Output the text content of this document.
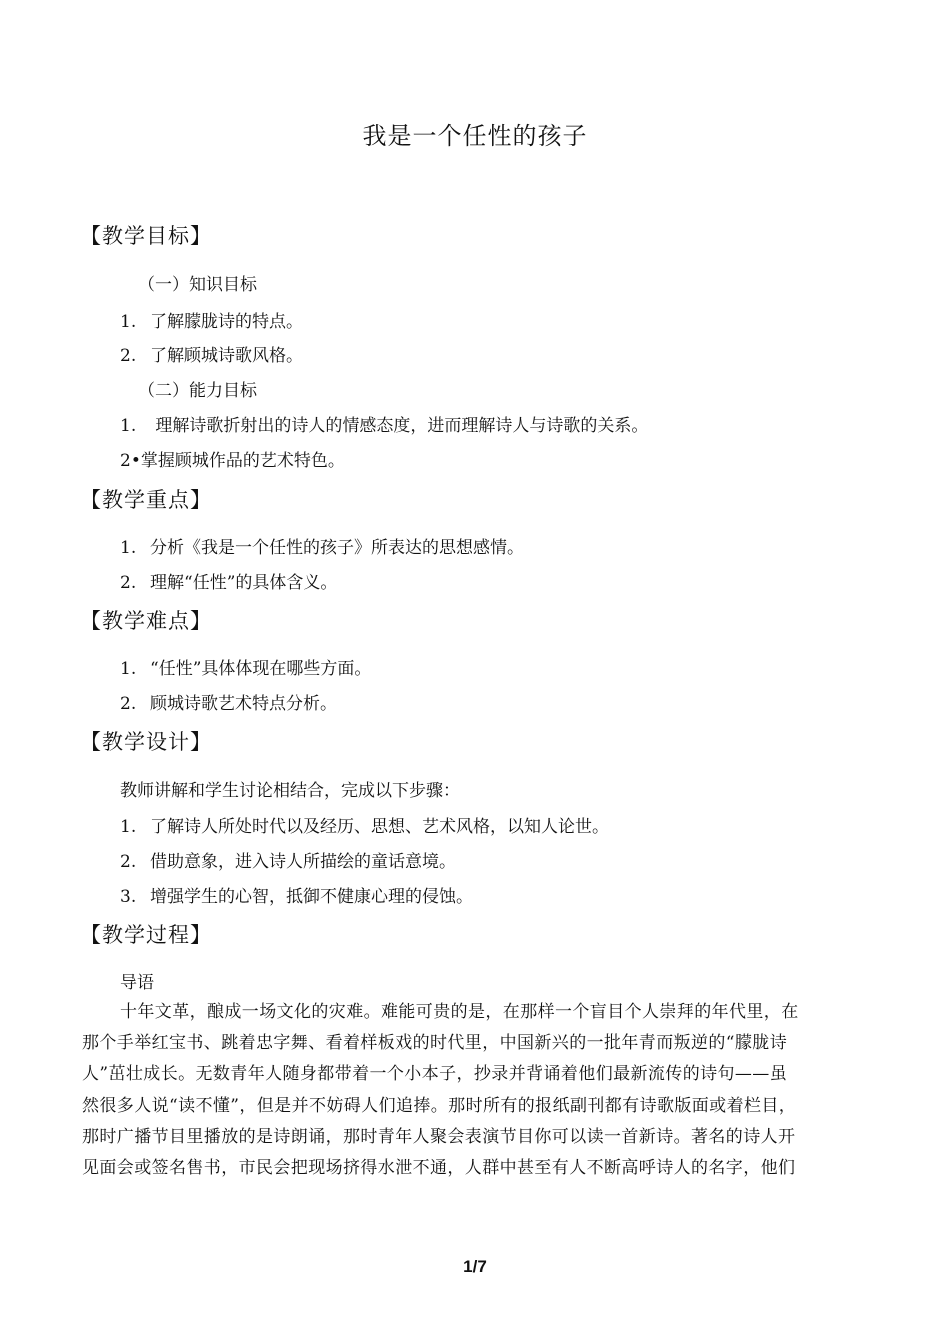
我是一个任性的孩子
【教学目标】
（一）知识目标
1. 了解朦胧诗的特点。
2. 了解顾城诗歌风格。
（二）能力目标
1. 理解诗歌折射出的诗人的情感态度，进而理解诗人与诗歌的关系。
2•掌握顾城作品的艺术特色。
【教学重点】
1. 分析《我是一个任性的孩子》所表达的思想感情。
2. 理解“任性”的具体含义。
【教学难点】
1. “任性”具体体现在哪些方面。
2. 顾城诗歌艺术特点分析。
【教学设计】
教师讲解和学生讨论相结合，完成以下步骤：
1. 了解诗人所处时代以及经历、思想、艺术风格，以知人论世。
2. 借助意象，进入诗人所描绘的童话意境。
3. 增强学生的心智，抵御不健康心理的侵蚀。
【教学过程】
导语
十年文革，酿成一场文化的灾难。难能可贵的是，在那样一个盲目个人崇拜的年代里，在
那个手举红宝书、跳着忠字舞、看着样板戏的时代里，中国新兴的一批年青而叛逆的“朦胧诗
人”茁壮成长。无数青年人随身都带着一个小本子，抄录并背诵着他们最新流传的诗句——虽
然很多人说“读不懂”，但是并不妨碍人们追捧。那时所有的报纸副刊都有诗歌版面或着栏目，
那时广播节目里播放的是诗朗诵，那时青年人聚会表演节目你可以读一首新诗。著名的诗人开
见面会或签名售书，市民会把现场挤得水泄不通，人群中甚至有人不断高呼诗人的名字，他们
1/7
